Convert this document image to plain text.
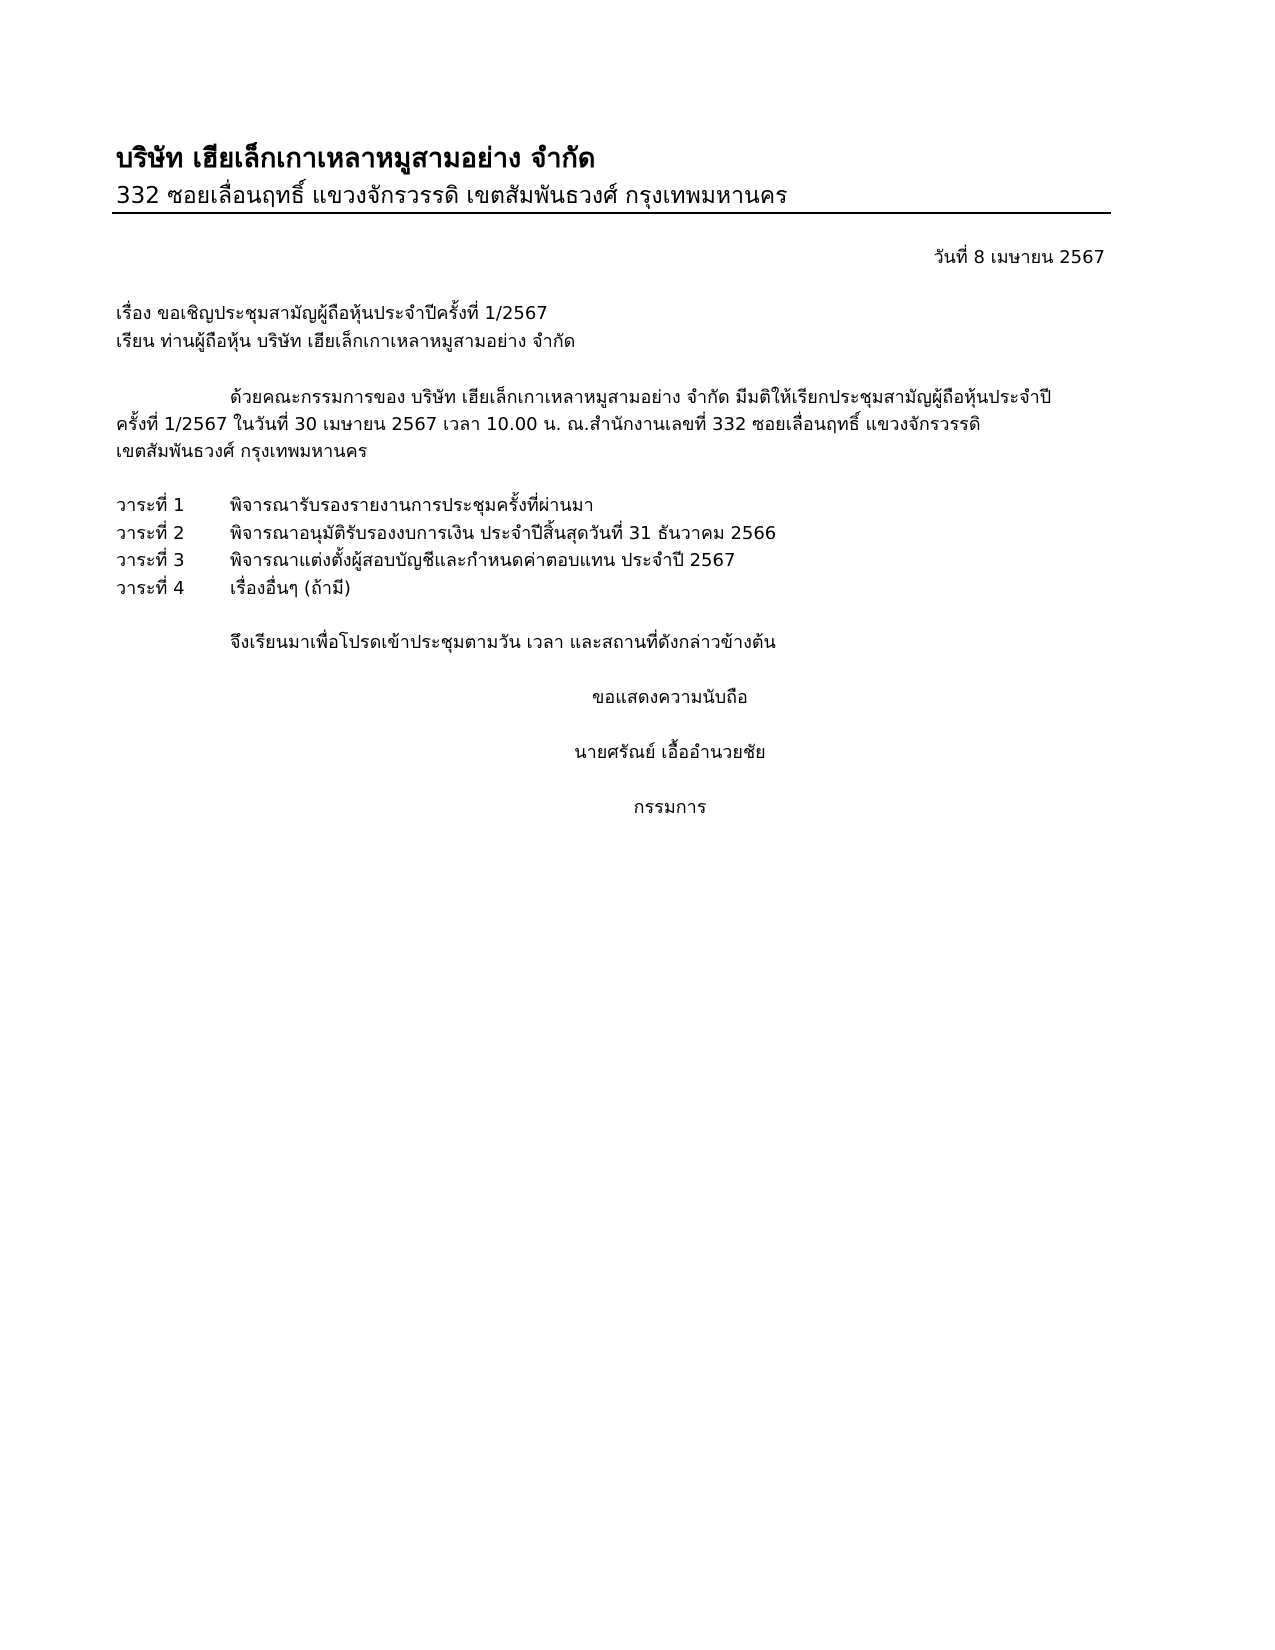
บริษัท เฮียเล็กเกาเหลาหมูสามอย่าง จำกัด
332 ซอยเลื่อนฤทธิ์ แขวงจักรวรรดิ เขตสัมพันธวงศ์ กรุงเทพมหานคร
วันที่ 8 เมษายน 2567
เรื่อง ขอเชิญประชุมสามัญผู้ถือหุ้นประจำปีครั้งที่ 1/2567
เรียน ท่านผู้ถือหุ้น บริษัท เฮียเล็กเกาเหลาหมูสามอย่าง จำกัด
ด้วยคณะกรรมการของ บริษัท เฮียเล็กเกาเหลาหมูสามอย่าง จำกัด มีมติให้เรียกประชุมสามัญผู้ถือหุ้นประจำปี
ครั้งที่ 1/2567 ในวันที่ 30 เมษายน 2567 เวลา 10.00 น. ณ.สำนักงานเลขที่ 332 ซอยเลื่อนฤทธิ์ แขวงจักรวรรดิ
เขตสัมพันธวงศ์ กรุงเทพมหานคร
วาระที่ 1	พิจารณารับรองรายงานการประชุมครั้งที่ผ่านมา
วาระที่ 2	พิจารณาอนุมัติรับรองงบการเงิน ประจำปีสิ้นสุดวันที่ 31 ธันวาคม 2566
วาระที่ 3	พิจารณาแต่งตั้งผู้สอบบัญชีและกำหนดค่าตอบแทน ประจำปี 2567
วาระที่ 4	เรื่องอื่นๆ (ถ้ามี)
จึงเรียนมาเพื่อโปรดเข้าประชุมตามวัน เวลา และสถานที่ดังกล่าวข้างต้น
ขอแสดงความนับถือ
นายศรัณย์ เอื้ออำนวยชัย
กรรมการ
